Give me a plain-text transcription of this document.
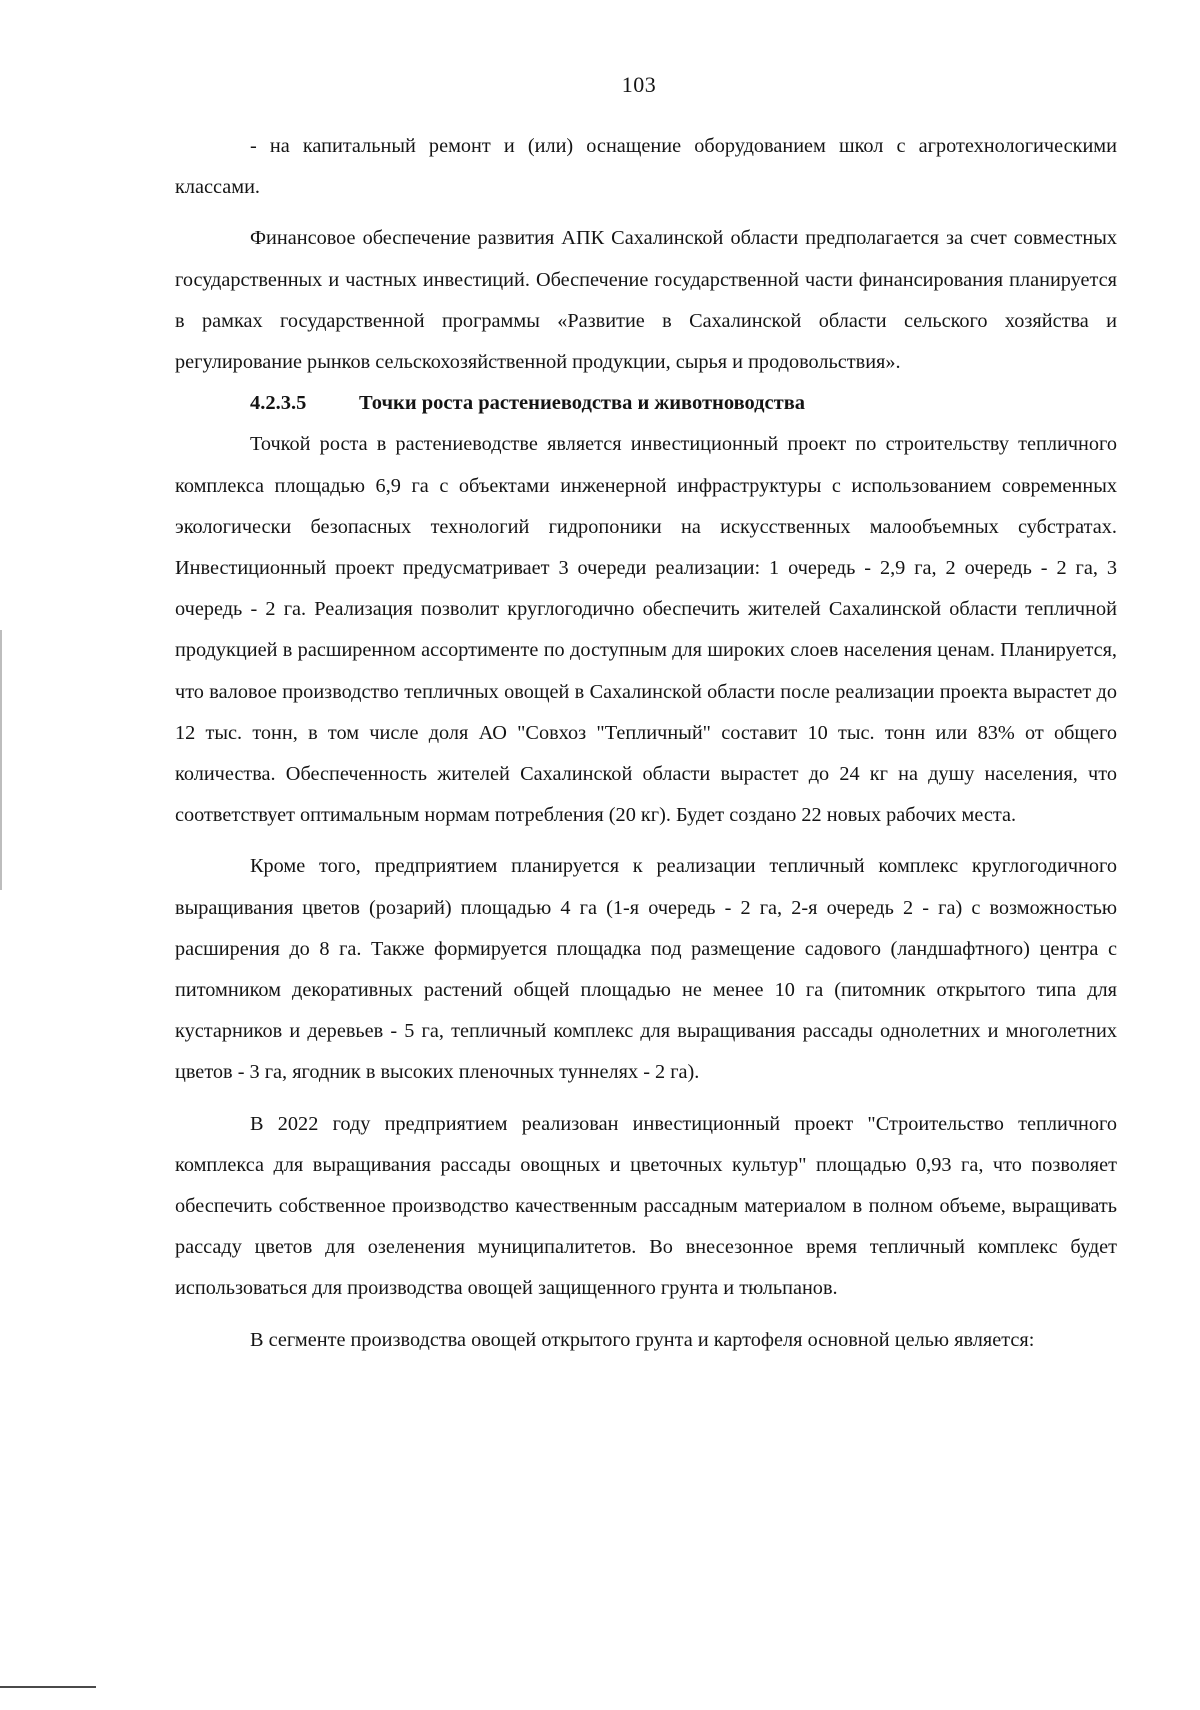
103

- на капитальный ремонт и (или) оснащение оборудованием школ с агротехнологическими классами.

Финансовое обеспечение развития АПК Сахалинской области предполагается за счет совместных государственных и частных инвестиций. Обеспечение государственной части финансирования планируется в рамках государственной программы «Развитие в Сахалинской области сельского хозяйства и регулирование рынков сельскохозяйственной продукции, сырья и продовольствия».

4.2.3.5	Точки роста растениеводства и животноводства

Точкой роста в растениеводстве является инвестиционный проект по строительству тепличного комплекса площадью 6,9 га с объектами инженерной инфраструктуры с использованием современных экологически безопасных технологий гидропоники на искусственных малообъемных субстратах. Инвестиционный проект предусматривает 3 очереди реализации: 1 очередь - 2,9 га, 2 очередь - 2 га, 3 очередь - 2 га. Реализация позволит круглогодично обеспечить жителей Сахалинской области тепличной продукцией в расширенном ассортименте по доступным для широких слоев населения ценам. Планируется, что валовое производство тепличных овощей в Сахалинской области после реализации проекта вырастет до 12 тыс. тонн, в том числе доля АО "Совхоз "Тепличный" составит 10 тыс. тонн или 83% от общего количества. Обеспеченность жителей Сахалинской области вырастет до 24 кг на душу населения, что соответствует оптимальным нормам потребления (20 кг). Будет создано 22 новых рабочих места.

Кроме того, предприятием планируется к реализации тепличный комплекс круглогодичного выращивания цветов (розарий) площадью 4 га (1-я очередь - 2 га, 2-я очередь 2 - га) с возможностью расширения до 8 га. Также формируется площадка под размещение садового (ландшафтного) центра с питомником декоративных растений общей площадью не менее 10 га (питомник открытого типа для кустарников и деревьев - 5 га, тепличный комплекс для выращивания рассады однолетних и многолетних цветов - 3 га, ягодник в высоких пленочных туннелях - 2 га).

В 2022 году предприятием реализован инвестиционный проект "Строительство тепличного комплекса для выращивания рассады овощных и цветочных культур" площадью 0,93 га, что позволяет обеспечить собственное производство качественным рассадным материалом в полном объеме, выращивать рассаду цветов для озеленения муниципалитетов. Во внесезонное время тепличный комплекс будет использоваться для производства овощей защищенного грунта и тюльпанов.

В сегменте производства овощей открытого грунта и картофеля основной целью является:
